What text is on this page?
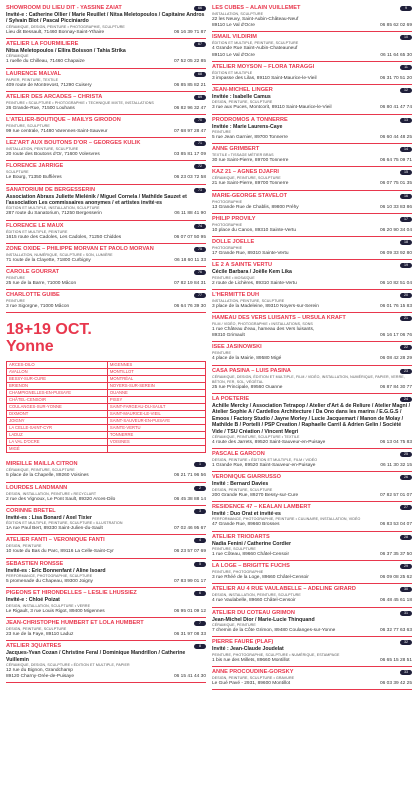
66
SHOWROOM DU LIEU DIT - YASSINE ZAIAT
Invité-e : Catherine Ollier / Marie Reuillet / Nitsa Meletopoulos / Capitaine Andros / Sylvain Blot / Pascal Picciniardo
CÉRAMIQUE, DESIGN, PEINTURE • PHOTOGRAPHIE, SCULPTURE
Lieu dit Bessault, 71460 Bonnay-Saint-Ythaire	06 16 39 71 87
67
ATELIER LA FOURMILIÈRE
Nitsa Meletopoulos / Ellira Boisson / Tahia Strika
CÉRAMIQUE
1 ruelle du Chilleau, 71460 Chapaize	07 52 05 22 85
68
LAURENCE MALVAL
PAPIER, PEINTURE, TEXTILE
409 route de Montrevost, 71290 Cuisery	06 85 85 82 21
69
ATELIER DES ARCADES – CHRISTA
PEINTURE • SCULPTURE • PHOTOGRAPHIE • TECHNIQUE MIXTE, INSTALLATIONS
26 Grande-Rue, 71500 Louhans	06 82 96 32 47
70
L'ATELIER-BOUTIQUE – MAÏLYS GIRODON
PEINTURE, SCULPTURE
99 rue centrale, 71480 Varennes-Saint-Sauveur	07 68 97 28 47
71
LÉZ'ART AUX BOUTONS D'OR – GEORGES KULIK
INSTALLATION, PEINTURE, SCULPTURE
20 route des Boutons d'Or, 71600 Volesvres	03 85 81 17 09
72
FLORENCE JARRIGE
SCULPTURE
Le Bourg, 71350 Buffières	06 23 03 72 58
73
SANATORIUM DE BERGESSERIN
Association Abraxs Juliette Mielénik / Miguel Cornela / Mathilde Sauzet et l'association Les commissaires anonymes / et artistes invité·es
ÉDITION ET MULTIPLE, INSTALLATION, SCULPTURE
287 route du Sanatorium, 71250 Bergesserin	06 11 88 41 90
74
FLORENCE LE MAUX
ÉDITION ET MULTIPLE, PEINTURE
1615 route des Cadoles, Les Cadoles, 71250 Chiddes	06 07 07 50 95
75
ZONE OXIDE – PHILIPPE MORVAN ET PAOLO MORVAN
INSTALLATION, NUMÉRIQUE, SCULPTURE • SON, LUMIÈRE
71 route de la Clayette, 71800 Curbigny	06 18 60 11 33
76
CAROLE GOURRAT
PEINTURE
25 rue de la Barre, 71000 Mâcon	07 82 19 84 31
77
CHARLOTTE GUIBÉ
PEINTURE
3 rue Sigorgne, 71000 Mâcon	06 64 76 39 30
18+19 OCT.
Yonne
ARCES-DILO	MIGENNES
AVALLON	MONTILLOT
BESSY-SUR-CURE	MONTRÉAL
BRIENON	NOYERS-SUR-SEREIN
CHAMPIGNELLES-EN-PUISAYE	OUANNE
CHÂTEL-CENSOIR	PISSY
COULANGES-SUR-YONNE	SAINT-FARGEAU-DU-SAULT
DIXMONT	SAINT-MAURICE-LE-VIEIL
JOIGNY	SAINT-SAUVEUR-EN-PUISAYE
LA CELLE-SAINT-CYR	SAINTE-VERTU
LADUZ	TONNERRE
LA VAL D'OCRE	VOISINES
MIGÉ	
1
MIREILLE MAILLA CITRON
CÉRAMIQUE, PEINTURE, SCULPTURE
5 place de la Chapelle, 89260 Voisines	06 21 71 96 56
2
LOURDES LANDMANN
DESIGN, INSTALLATION, PEINTURE • RECYCLART
2 rue des Vignoux, Le Pont Sault, 89320 Arces-Dilo	06 45 38 88 14
3
CORINNE BRETEL
Invité-es : Lisa Bonard / Axel Tixier
ÉDITION ET MULTIPLE, PEINTURE, SCULPTURE • ILLUSTRATION
1A rue Paul Bert, 89330 Saint-Julien-du-Sault	07 02 46 95 67
4
ATELIER FANTI – VÉRONIQUE FANTI
DESIGN, PEINTURE
10 route du Bas du Parc, 89116 La Celle-Saint-Cyr	06 23 57 07 69
5
SÉBASTIEN RONSSE
Invité-es : Eric Bonnenfant / Aline Isoard
PERFORMANCE, PHOTOGRAPHIE, SCULPTURE
5 promenade du Chapeau, 89300 Joigny	07 83 99 01 17
6
PIGEONS ET HIRONDELLES – LESLIE LHUSSIEZ
Invité-e : Chloé Poizat
DESIGN, INSTALLATION, SCULPTURE • VERRE
Le Rigault, 3 rue Louis Rigot, 89400 Migennes	06 95 01 09 12
7
JEAN-CHRISTOPHE HUMBERT ET LOLA HUMBERT
DESIGN, PEINTURE, SCULPTURE
23 rue de la Faye, 89110 Laduz	06 31 97 08 33
8
ATELIER 3QUATRES
Jacques-Yvan Cozan / Christine Feral / Dominique Mandrillon / Catherine Vuillemin
CÉRAMIQUE, DESIGN, SCULPTURE • ÉDITION ET MULTIPLE, PAPIER
12 rue du Bignon, Grandchamp
89120 Charny-Orée-de-Puisaye	06 15 41 44 30
9
LES CUBES – ALAIN VUILLEMET
INSTALLATION, SCULPTURE
22 les Neuvy, Saint-Aubin-Château-Neuf
89110 Le Val d'Ocre	06 85 62 02 69
10
ISMAIL VILDIRIM
ÉDITION ET MULTIPLE, PEINTURE, SCULPTURE
4 Grande Rue Saint-Aubin-Chateauneuf
89110 Le Val d'Ocre	06 11 64 65 30
11
ATELIER MOYSON – FLORA TARAGGI
ÉDITION ET MULTIPLE
3 impasse des Lilas, 89110 Saint-Maurice-le-Vieil	06 31 70 51 20
12
JEAN-MICHEL LINGER
Invitée : Isabelle Camus
DESIGN, PEINTURE, SCULPTURE
3 rue aux Puces, Montcorit, 89110 Saint-Maurice-le-Vieil	06 80 41 47 74
13
PRODROMOS À TONNERRE
Invitée : Marie Laurens-Caye
PEINTURE
5 rue Jean Garnier, 89700 Tonnerre	06 60 44 48 25
14
ANNE GRIMBERT
TEXTILE • TISSAGE MÉTIER BRAS
30 rue Saint-Pierre, 89700 Tonnerre	06 64 75 09 71
15
KAZ 21 – AGNÈS DJAFRI
CÉRAMIQUE, PEINTURE, SCULPTURE
21 rue Saint-Pierre, 89700 Tonnerre	06 07 75 01 35
16
MARIE-GEORGE STAVELOT
PHOTOGRAPHIE
13 Grande Rue de Chablis, 89800 Préhy	06 10 33 83 86
17
PHILIP PROVILY
PHOTOGRAPHIE
10 place du Canon, 89310 Sainte-Vertu	06 20 90 34 04
18
DOLLÉ JOËLLE
PHOTOGRAPHIE
17 Grande Rue, 89310 Sainte-Vertu	06 09 33 92 80
19
LE 2 À SAINTE VERTU
Cécile Barbara / Joëlle Kem Lika
PEINTURE • MOSAÏQUE
2 route de Lichères, 89310 Sainte-Vertu	06 10 82 51 04
20
L'HERMITTE DUH
INSTALLATION, PEINTURE, SCULPTURE
3 place de la Madeleine, 89310 Noyers-sur-Serein	06 01 76 15 83
21
HAMEAU DES VERS LUISANTS – URSULA KRAFT
FILM / VIDÉO, PHOTOGRAPHIE • INSTALLATIONS, SONS
1 rue Château d'eau, hameau des Vers luisants,
89310 Grimault	06 16 17 06 76
22
ISÉE JASINOWSKI
PEINTURE
4 place de la Mairie, 89580 Migé	06 08 42 28 29
23
CASA PASINA – LUIS PASINA
CÉRAMIQUE, DESIGN, ÉDITION ET MULTIPLE, FILM / VIDÉO, INSTALLATION, NUMÉRIQUE, PAPIER, VERRE, BÉTON, FER, SOL, VÉGÉTAL
25 rue Principale, 89560 Ouanne	06 87 84 30 77
24
LA POÊTERIE
Achille Mercky / Association Tetrapop / Atelier d'Art & de Reliure / Atelier Magni / Atelier Sophie A / Cardellos Architecture / Da Ono dans les marins / E.G.G.S / Emoos / Factory Studio / Jayne Morley / Lucie Jacquemart / Manon de Molay / Mathilde B / Portelli / PSP Creation / Raphaelle Carril & Adrien Gelin / Société Vide / TSU Création / Vincent Megri
CÉRAMIQUE, PEINTURE, SCULPTURE • TEXTILE
4 route des Jarrets, 89520 Saint-Sauveur-en-Puisaye	06 13 04 75 83
25
PASCALE GARCON
DESIGN, PEINTURE • ÉDITION ET MULTIPLE, FILM / VIDÉO
1 Grande Rue, 89520 Saint-Sauveur-en-Puisaye	06 11 30 32 15
26
VÉRONIQUE GIARRUSSO
Invité : Bernard Davies
DESIGN, PEINTURE, SCULPTURE
200 Grande Rue, 89270 Bessy-sur-Cure	07 82 57 01 07
27
RÉSIDENCE 47 – KEALAN LAMBERT
Invité : Duo Orat et invité·es
PERFORMANCE, PHOTOGRAPHIE, PEINTURE • CULINAIRE, INSTALLATION, VIDÉO
47 Grande Rue, 89660 Brosses	06 83 53 04 07
28
ATELIER TRIODARTS
Nadia Fenini / Catherine Cordier
PEINTURE, SCULPTURE
1 rue Côteau, 89660 Châtel-Censoir	06 37 35 37 50
29
LA LOGE – BRIGITTE FUCHS
PEINTURE, PHOTOGRAPHIE
3 rue Rhéé de la Loge, 89660 Châtel-Censoir	06 09 08 25 62
30
ATELIER AU 4 RUE VAULABELLE – ADELINE GIRARD
DESIGN, INSTALLATION, PEINTURE, SCULPTURE
4 rue Vaulabelle, 89660 Châtel-Censoir	06 48 45 61 18
31
ATELIER DU COTEAU GRIMON
Jean-Michel Dior / Marie-Lucie Thinquand
CÉRAMIQUE, PEINTURE
7 chemin de la Côte Grimon, 89480 Coulanges-sur-Yonne	06 32 77 63 63
32
PIERRE FAURE (PLAF)
Invité : Jean-Claude Joudelat
PEINTURE, PHOTOGRAPHIE, SCULPTURE • NUMÉRIQUE, ESTAMPAGE
1 bis rue des Millets, 89660 Montillot	06 65 15 28 51
33
ANNE PROCOUDINE-GORSKY
DESIGN, PEINTURE, SCULPTURE • GRAVURE
Le Gué Pavé - 2931, 89600 Montillot	06 03 39 42 25
